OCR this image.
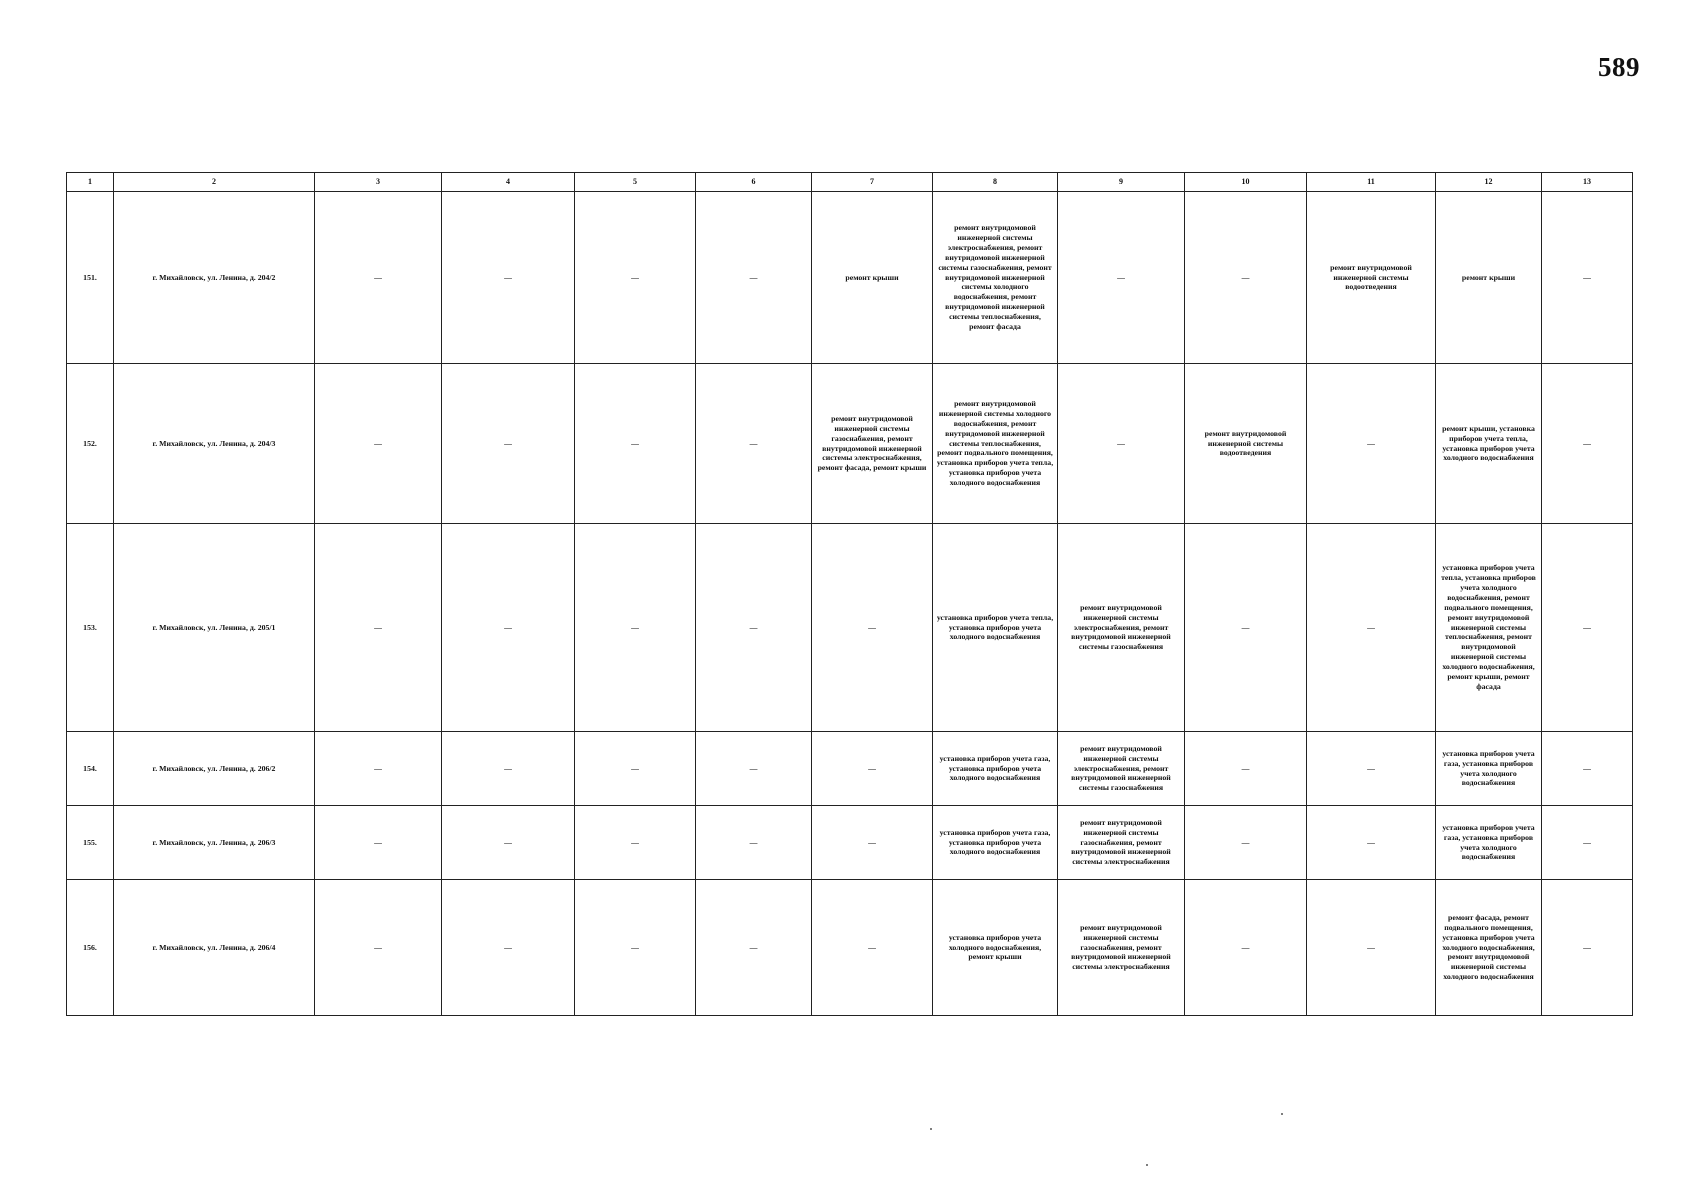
589
1	2	3	4	5	6	7	8	9	10	11	12	13
151.	г. Михайловск, ул. Ленина, д. 204/2	—	—	—	—	ремонт крыши	ремонт внутридомовой инженерной системы электроснабжения, ремонт внутридомовой инженерной системы газоснабжения, ремонт внутридомовой инженерной системы холодного водоснабжения, ремонт внутридомовой инженерной системы теплоснабжения, ремонт фасада	—	—	ремонт внутридомовой инженерной системы водоотведения	ремонт крыши	—
152.	г. Михайловск, ул. Ленина, д. 204/3	—	—	—	—	ремонт внутридомовой инженерной системы газоснабжения, ремонт внутридомовой инженерной системы электроснабжения, ремонт фасада, ремонт крыши	ремонт внутридомовой инженерной системы холодного водоснабжения, ремонт внутридомовой инженерной системы теплоснабжения, ремонт подвального помещения, установка приборов учета тепла, установка приборов учета холодного водоснабжения	—	ремонт внутридомовой инженерной системы водоотведения	—	ремонт крыши, установка приборов учета тепла, установка приборов учета холодного водоснабжения	—
153.	г. Михайловск, ул. Ленина, д. 205/1	—	—	—	—	—	установка приборов учета тепла, установка приборов учета холодного водоснабжения	ремонт внутридомовой инженерной системы электроснабжения, ремонт внутридомовой инженерной системы газоснабжения	—	—	установка приборов учета тепла, установка приборов учета холодного водоснабжения, ремонт подвального помещения, ремонт внутридомовой инженерной системы теплоснабжения, ремонт внутридомовой инженерной системы холодного водоснабжения, ремонт крыши, ремонт фасада	—
154.	г. Михайловск, ул. Ленина, д. 206/2	—	—	—	—	—	установка приборов учета газа, установка приборов учета холодного водоснабжения	ремонт внутридомовой инженерной системы электроснабжения, ремонт внутридомовой инженерной системы газоснабжения	—	—	установка приборов учета газа, установка приборов учета холодного водоснабжения	—
155.	г. Михайловск, ул. Ленина, д. 206/3	—	—	—	—	—	установка приборов учета газа, установка приборов учета холодного водоснабжения	ремонт внутридомовой инженерной системы газоснабжения, ремонт внутридомовой инженерной системы электроснабжения	—	—	установка приборов учета газа, установка приборов учета холодного водоснабжения	—
156.	г. Михайловск, ул. Ленина, д. 206/4	—	—	—	—	—	установка приборов учета холодного водоснабжения, ремонт крыши	ремонт внутридомовой инженерной системы газоснабжения, ремонт внутридомовой инженерной системы электроснабжения	—	—	ремонт фасада, ремонт подвального помещения, установка приборов учета холодного водоснабжения, ремонт внутридомовой инженерной системы холодного водоснабжения	—
